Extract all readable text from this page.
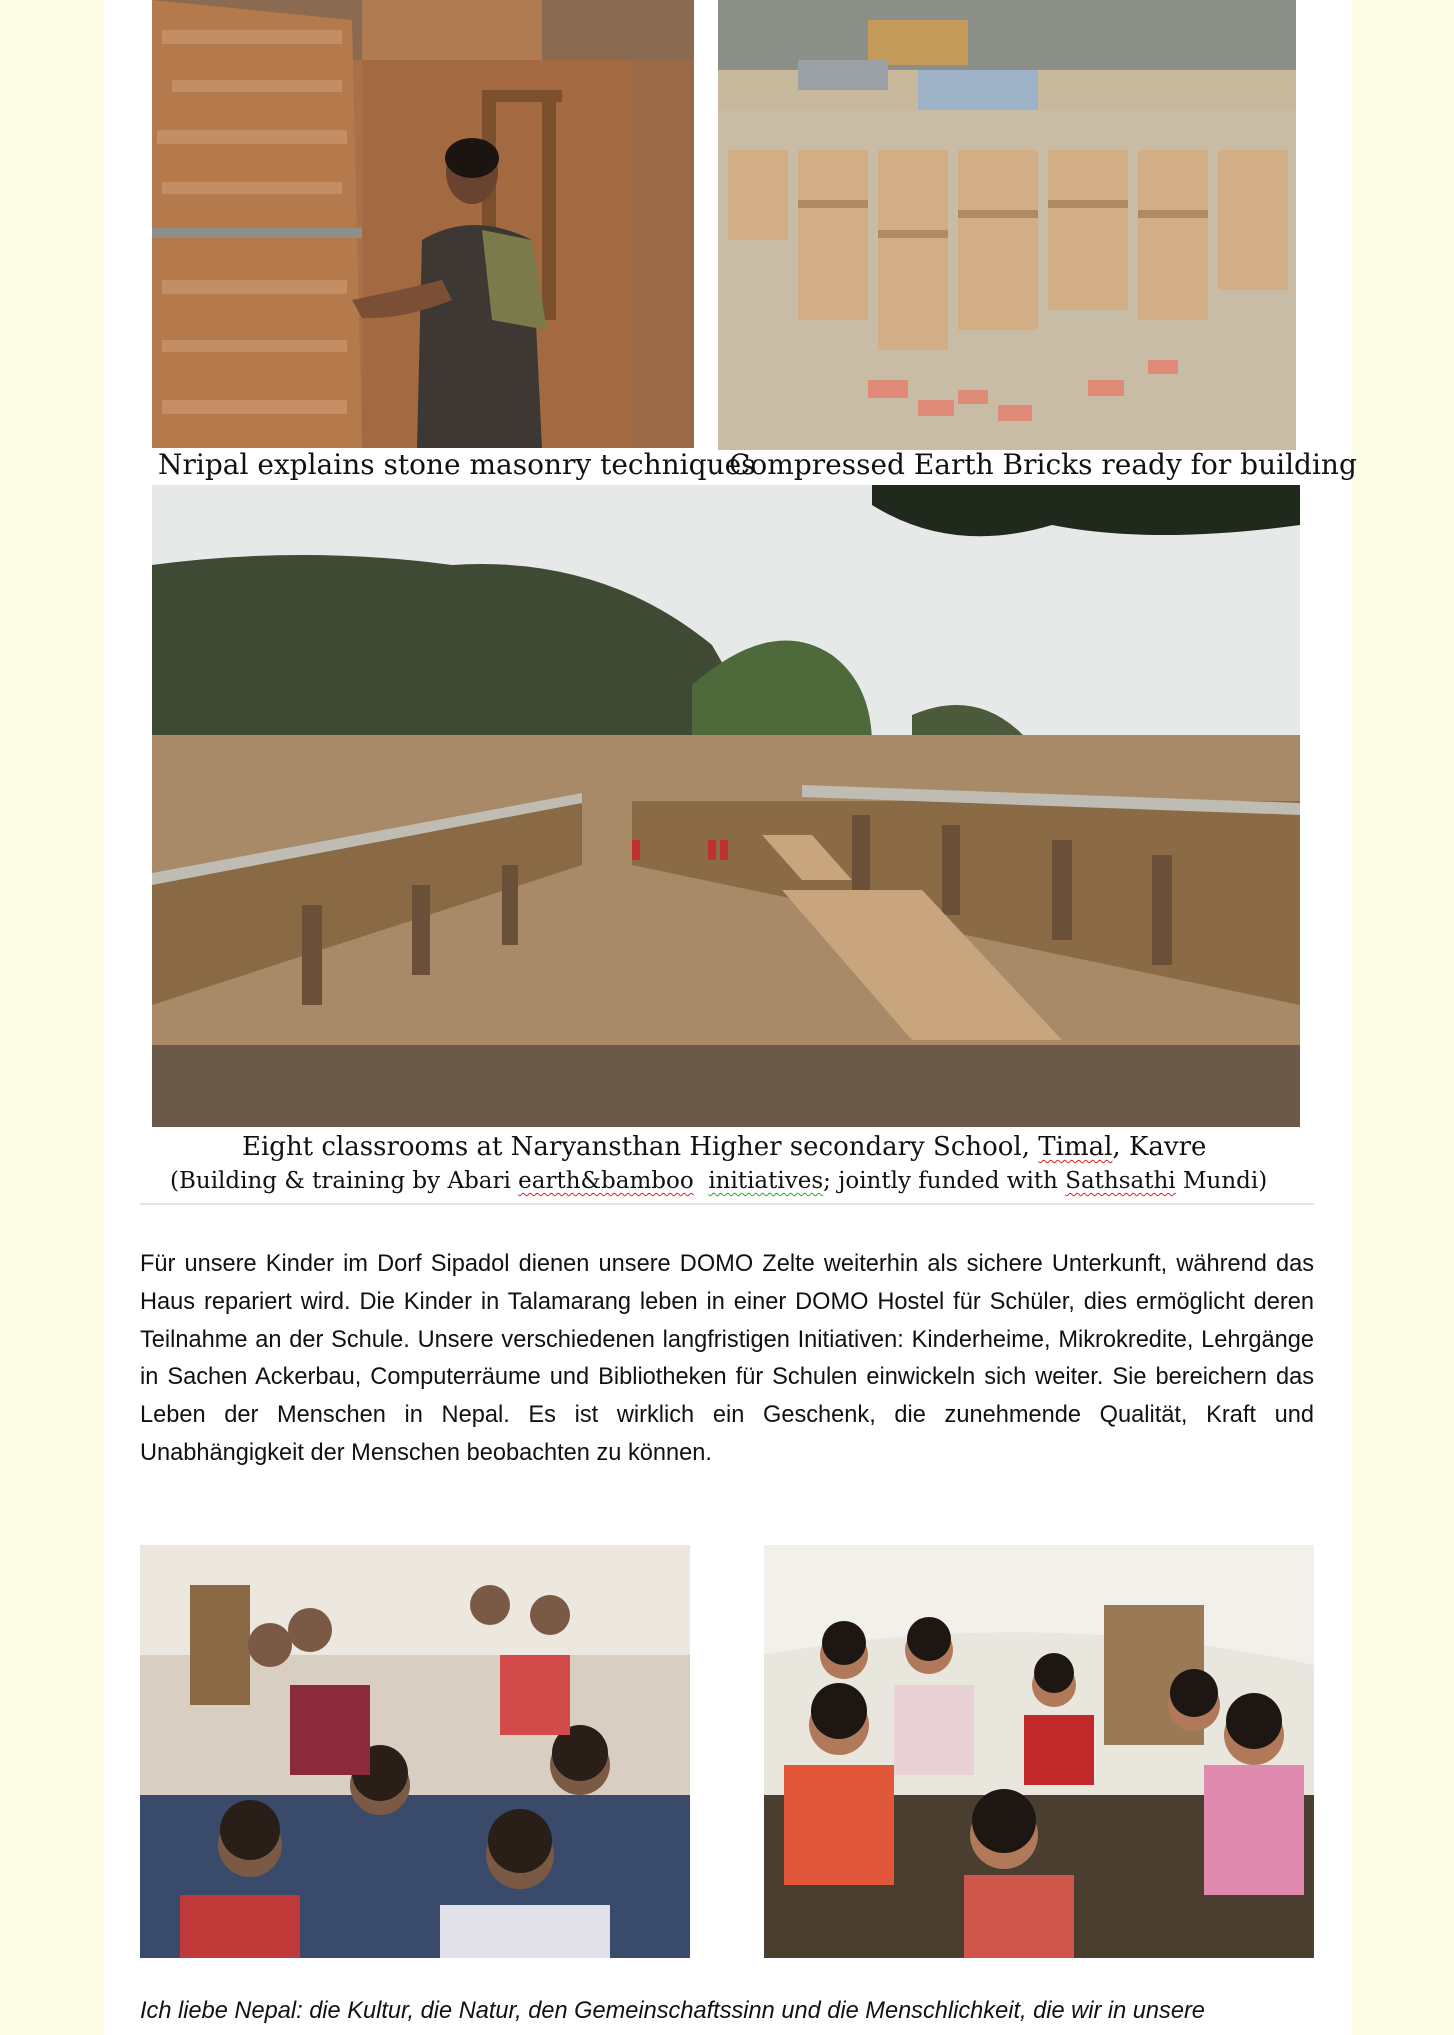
Nripal explains stone masonry techniques
Compressed Earth Bricks ready for building
Eight classrooms at Naryansthan Higher secondary School, Timal, Kavre
(Building & training by Abari earth&bamboo initiatives; jointly funded with Sathsathi Mundi)

Für unsere Kinder im Dorf Sipadol dienen unsere DOMO Zelte weiterhin als sichere Unterkunft, während das Haus repariert wird. Die Kinder in Talamarang leben in einer DOMO Hostel für Schüler, dies ermöglicht deren Teilnahme an der Schule. Unsere verschiedenen langfristigen Initiativen: Kinderheime, Mikrokredite, Lehrgänge in Sachen Ackerbau, Computerräume und Bibliotheken für Schulen einwickeln sich weiter. Sie bereichern das Leben der Menschen in Nepal. Es ist wirklich ein Geschenk, die zunehmende Qualität, Kraft und Unabhängigkeit der Menschen beobachten zu können.

Ich liebe Nepal: die Kultur, die Natur, den Gemeinschaftssinn und die Menschlichkeit, die wir in unsere
